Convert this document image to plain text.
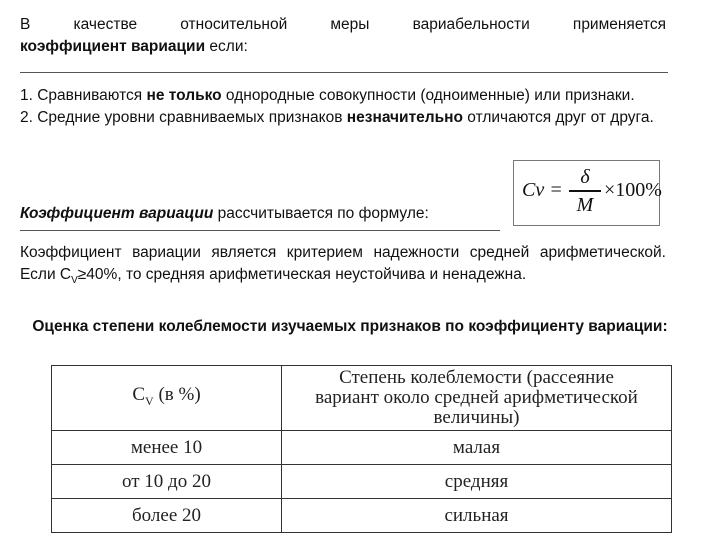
В качестве относительной меры вариабельности применяется
коэффициент вариации если:
1. Сравниваются не только однородные совокупности (одноименные) или признаки.
2. Средние уровни сравниваемых признаков незначительно отличаются друг от друга.
Коэффициент вариации рассчитывается по формуле:
Cv =
δ
M
×100%
Коэффициент вариации является критерием надежности средней арифметической. Если $C_V\ge 40\%$, то средняя арифметическая неустойчива и ненадежна.
Оценка степени колеблемости изучаемых признаков по коэффициенту вариации:
$C_V$ (в %)	Степень колеблемости (рассеяние вариант около средней арифметической величины)
менее 10	малая
от 10 до 20	средняя
более 20	сильная
